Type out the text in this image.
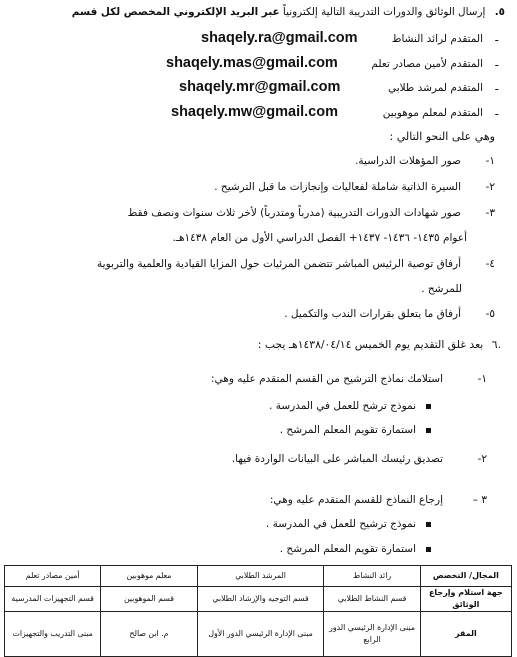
٥. إرسال الوثائق والدورات التدريبة التالية إلكترونياً عبر البريد الإلكتروني المخصص لكل قسم
-
المتقدم لرائد النشاط
shaqely.ra@gmail.com
-
المتقدم لأمين مصادر تعلم
shaqely.mas@gmail.com
-
المتقدم لمرشد طلابي
shaqely.mr@gmail.com
-
المتقدم لمعلم موهوبين
shaqely.mw@gmail.com
وهي على النحو التالي :
١-صور المؤهلات الدراسية.
٢-السيرة الذاتية شاملة لفعاليات وإنجازات ما قبل الترشيح .
٣-صور شهادات الدورات التدريبية (مدرباً ومتدرباً) لأخر ثلاث سنوات ونصف فقط
أعوام ١٤٣٥- ١٤٣٦- ١٤٣٧+ الفصل الدراسي الأول من العام ١٤٣٨هـ.
٤-أرفاق توصية الرئيس المباشر تتضمن المرئيات حول المزايا القيادية والعلمية والتربوية
للمرشح .
٥-أرفاق ما يتعلق بقرارات الندب والتكميل .
.٦ بعد غلق التقديم يوم الخميس ١٤٣٨/٠٤/١٤هـ يجب :
١-استلامك نماذج الترشيح من القسم المتقدم عليه وهي:
نموذج ترشح للعمل في المدرسة .
استمارة تقويم المعلم المرشح .
٢-تصديق رئيسك المباشر على البيانات الواردة فيها.
٣ –إرجاع النماذج للقسم المتقدم عليه وهي:
نموذج ترشيح للعمل في المدرسة .
استمارة تقويم المعلم المرشح .
المجال/ التخصص	رائد النشاط	المرشد الطلابي	معلم موهوبين	أمين مصادر تعلم
جهة استلام وإرجاع الوثائق	قسم النشاط الطلابي	قسم التوجيه والإرشاد الطلابي	قسم الموهوبين	قسم التجهيزات المدرسية
المقر	مبنى الإدارة الرئيسي الدور الرابع	مبنى الإدارة الرئيسي الدور الأول	م. ابن صالح	مبنى التدريب والتجهيزات
